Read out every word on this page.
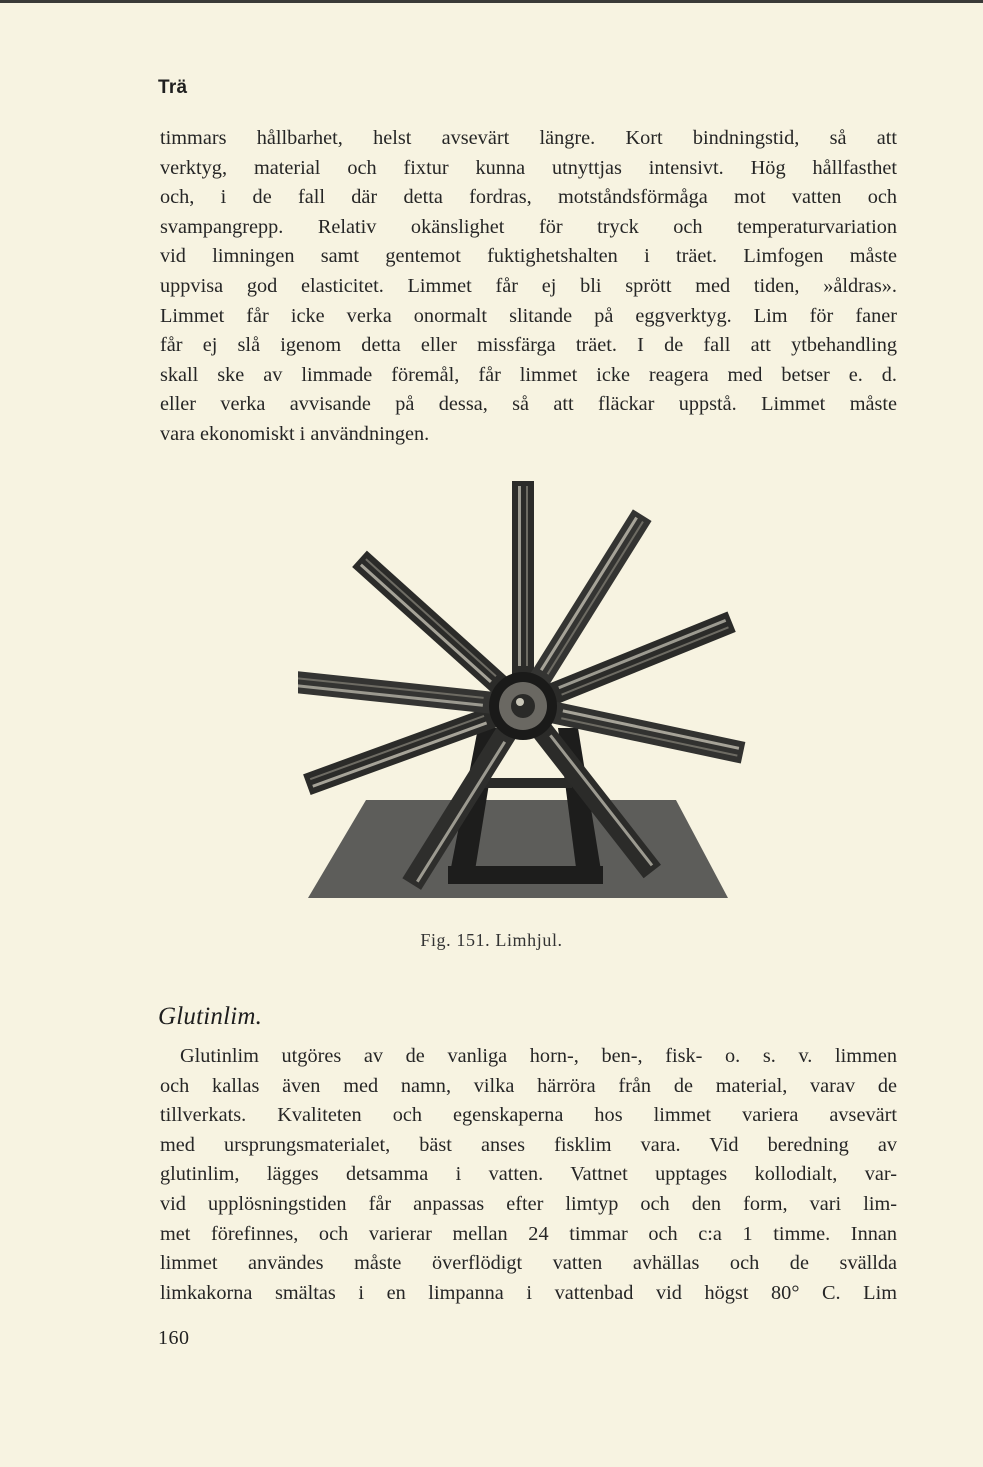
Trä
timmars hållbarhet, helst avsevärt längre. Kort bindningstid, så att
verktyg, material och fixtur kunna utnyttjas intensivt. Hög hållfasthet
och, i de fall där detta fordras, motståndsförmåga mot vatten och
svampangrepp. Relativ okänslighet för tryck och temperaturvariation
vid limningen samt gentemot fuktighetshalten i träet. Limfogen måste
uppvisa god elasticitet. Limmet får ej bli sprött med tiden, »åldras».
Limmet får icke verka onormalt slitande på eggverktyg. Lim för faner
får ej slå igenom detta eller missfärga träet. I de fall att ytbehandling
skall ske av limmade föremål, får limmet icke reagera med betser e. d.
eller verka avvisande på dessa, så att fläckar uppstå. Limmet måste
vara ekonomiskt i användningen.
Fig. 151. Limhjul.
Glutinlim.
Glutinlim utgöres av de vanliga horn-, ben-, fisk- o. s. v. limmen
och kallas även med namn, vilka härröra från de material, varav de
tillverkats. Kvaliteten och egenskaperna hos limmet variera avsevärt
med ursprungsmaterialet, bäst anses fisklim vara. Vid beredning av
glutinlim, lägges detsamma i vatten. Vattnet upptages kollodialt, var-
vid upplösningstiden får anpassas efter limtyp och den form, vari lim-
met förefinnes, och varierar mellan 24 timmar och c:a 1 timme. Innan
limmet användes måste överflödigt vatten avhällas och de svällda
limkakorna smältas i en limpanna i vattenbad vid högst 80° C. Lim
160
